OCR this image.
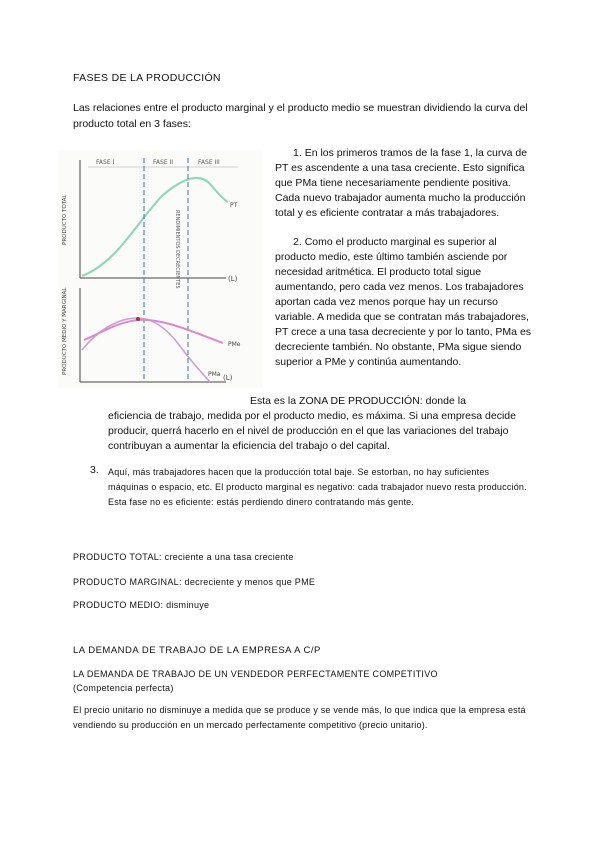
FASES DE LA PRODUCCIÓN
Las relaciones entre el producto marginal y el producto medio se muestran dividiendo la curva del producto total en 3 fases:
FASE I	FASE II	FASE III
PRODUCTO TOTAL
(L)
PT
RENDIMIENTOS DECRECIENTES
PRODUCTO MEDIO Y MARGINAL
(L)
PMe
PMa
1. En los primeros tramos de la fase 1, la curva de PT es ascendente a una tasa creciente. Esto significa que PMa tiene necesariamente pendiente positiva. Cada nuevo trabajador aumenta mucho la producción total y es eficiente contratar a más trabajadores.
2. Como el producto marginal es superior al producto medio, este último también asciende por necesidad aritmética. El producto total sigue aumentando, pero cada vez menos. Los trabajadores aportan cada vez menos porque hay un recurso variable. A medida que se contratan más trabajadores, PT crece a una tasa decreciente y por lo tanto, PMa es decreciente también. No obstante, PMa sigue siendo superior a PMe y continúa aumentando.
Esta es la ZONA DE PRODUCCIÓN: donde la
eficiencia de trabajo, medida por el producto medio, es máxima. Si una empresa decide producir, querrá hacerlo en el nivel de producción en el que las variaciones del trabajo contribuyan a aumentar la eficiencia del trabajo o del capital.
3. Aquí, más trabajadores hacen que la producción total baje. Se estorban, no hay suficientes máquinas o espacio, etc. El producto marginal es negativo: cada trabajador nuevo resta producción. Esta fase no es eficiente: estás perdiendo dinero contratando más gente.
PRODUCTO TOTAL: creciente a una tasa creciente
PRODUCTO MARGINAL: decreciente y menos que PME
PRODUCTO MEDIO: disminuye
LA DEMANDA DE TRABAJO DE LA EMPRESA A C/P
LA DEMANDA DE TRABAJO DE UN VENDEDOR PERFECTAMENTE COMPETITIVO
(Competencia perfecta)
El precio unitario no disminuye a medida que se produce y se vende más, lo que indica que la empresa está vendiendo su producción en un mercado perfectamente competitivo (precio unitario).
